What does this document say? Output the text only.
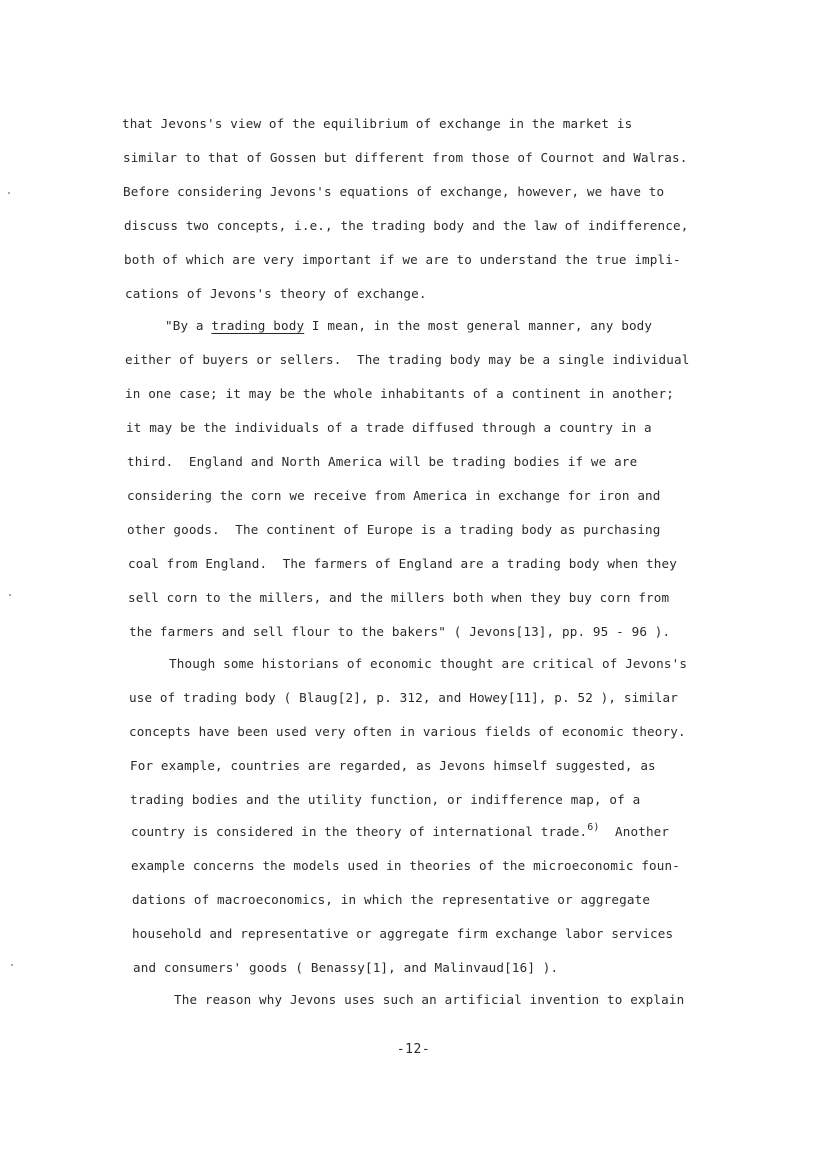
that Jevons's view of the equilibrium of exchange in the market is
similar to that of Gossen but different from those of Cournot and Walras.
Before considering Jevons's equations of exchange, however, we have to
discuss two concepts, i.e., the trading body and the law of indifference,
both of which are very important if we are to understand the true impli-
cations of Jevons's theory of exchange.
"By a trading body I mean, in the most general manner, any body
either of buyers or sellers.  The trading body may be a single individual
in one case; it may be the whole inhabitants of a continent in another;
it may be the individuals of a trade diffused through a country in a
third.  England and North America will be trading bodies if we are
considering the corn we receive from America in exchange for iron and
other goods.  The continent of Europe is a trading body as purchasing
coal from England.  The farmers of England are a trading body when they
sell corn to the millers, and the millers both when they buy corn from
the farmers and sell flour to the bakers" ( Jevons[13], pp. 95 - 96 ).
Though some historians of economic thought are critical of Jevons's
use of trading body ( Blaug[2], p. 312, and Howey[11], p. 52 ), similar
concepts have been used very often in various fields of economic theory.
For example, countries are regarded, as Jevons himself suggested, as
trading bodies and the utility function, or indifference map, of a
country is considered in the theory of international trade.$^{6)}$  Another
example concerns the models used in theories of the microeconomic foun-
dations of macroeconomics, in which the representative or aggregate
household and representative or aggregate firm exchange labor services
and consumers' goods ( Benassy[1], and Malinvaud[16] ).
The reason why Jevons uses such an artificial invention to explain
-12-
